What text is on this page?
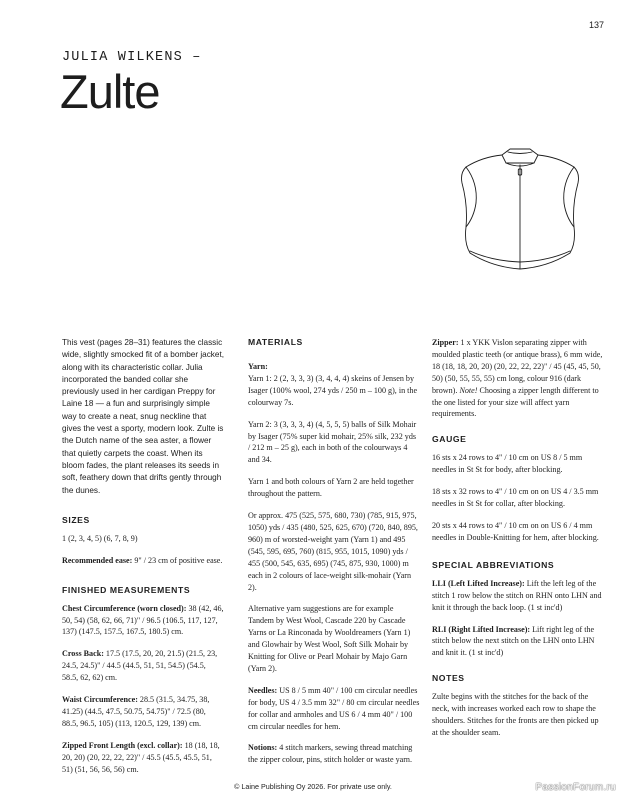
137
JULIA WILKENS –
Zulte

This vest (pages 28–31) features the classic wide, slightly smocked fit of a bomber jacket, along with its characteristic collar. Julia incorporated the banded collar she previously used in her cardigan Preppy for Laine 18 — a fun and surprisingly simple way to create a neat, snug neckline that gives the vest a sporty, modern look. Zulte is the Dutch name of the sea aster, a flower that quietly carpets the coast. When its bloom fades, the plant releases its seeds in soft, feathery down that drifts gently through the dunes.

SIZES

1 (2, 3, 4, 5) (6, 7, 8, 9)

Recommended ease: 9" / 23 cm of positive ease.

FINISHED MEASUREMENTS

Chest Circumference (worn closed): 38 (42, 46, 50, 54) (58, 62, 66, 71)" / 96.5 (106.5, 117, 127, 137) (147.5, 157.5, 167.5, 180.5) cm.

Cross Back: 17.5 (17.5, 20, 20, 21.5) (21.5, 23, 24.5, 24.5)" / 44.5 (44.5, 51, 51, 54.5) (54.5, 58.5, 62, 62) cm.

Waist Circumference: 28.5 (31.5, 34.75, 38, 41.25) (44.5, 47.5, 50.75, 54.75)" / 72.5 (80, 88.5, 96.5, 105) (113, 120.5, 129, 139) cm.

Zipped Front Length (excl. collar): 18 (18, 18, 20, 20) (20, 22, 22, 22)" / 45.5 (45.5, 45.5, 51, 51) (51, 56, 56, 56) cm.

MATERIALS

Yarn:

Yarn 1: 2 (2, 3, 3, 3) (3, 4, 4, 4) skeins of Jensen by Isager (100% wool, 274 yds / 250 m – 100 g), in the colourway 7s.

Yarn 2: 3 (3, 3, 3, 4) (4, 5, 5, 5) balls of Silk Mohair by Isager (75% super kid mohair, 25% silk, 232 yds / 212 m – 25 g), each in both of the colourways 4 and 34.

Yarn 1 and both colours of Yarn 2 are held together throughout the pattern.

Or approx. 475 (525, 575, 680, 730) (785, 915, 975, 1050) yds / 435 (480, 525, 625, 670) (720, 840, 895, 960) m of worsted-weight yarn (Yarn 1) and 495 (545, 595, 695, 760) (815, 955, 1015, 1090) yds / 455 (500, 545, 635, 695) (745, 875, 930, 1000) m each in 2 colours of lace-weight silk-mohair (Yarn 2).

Alternative yarn suggestions are for example Tandem by West Wool, Cascade 220 by Cascade Yarns or La Rinconada by Wooldreamers (Yarn 1) and Glowhair by West Wool, Soft Silk Mohair by Knitting for Olive or Pearl Mohair by Majo Garn (Yarn 2).

Needles: US 8 / 5 mm 40" / 100 cm circular needles for body, US 4 / 3.5 mm 32" / 80 cm circular needles for collar and armholes and US 6 / 4 mm 40" / 100 cm circular needles for hem.

Notions: 4 stitch markers, sewing thread matching the zipper colour, pins, stitch holder or waste yarn.

Zipper: 1 x YKK Vislon separating zipper with moulded plastic teeth (or antique brass), 6 mm wide, 18 (18, 18, 20, 20) (20, 22, 22, 22)" / 45 (45, 45, 50, 50) (50, 55, 55, 55) cm long, colour 916 (dark brown). Note! Choosing a zipper length different to the one listed for your size will affect yarn requirements.

GAUGE

16 sts x 24 rows to 4" / 10 cm on US 8 / 5 mm needles in St St for body, after blocking.

18 sts x 32 rows to 4" / 10 cm on on US 4 / 3.5 mm needles in St St for collar, after blocking.

20 sts x 44 rows to 4" / 10 cm on on US 6 / 4 mm needles in Double-Knitting for hem, after blocking.

SPECIAL ABBREVIATIONS

LLI (Left Lifted Increase): Lift the left leg of the stitch 1 row below the stitch on RHN onto LHN and knit it through the back loop. (1 st inc'd)

RLI (Right Lifted Increase): Lift right leg of the stitch below the next stitch on the LHN onto LHN and knit it. (1 st inc'd)

NOTES

Zulte begins with the stitches for the back of the neck, with increases worked each row to shape the shoulders. Stitches for the fronts are then picked up at the shoulder seam.

© Laine Publishing Oy 2026. For private use only.	PassionForum.ru
